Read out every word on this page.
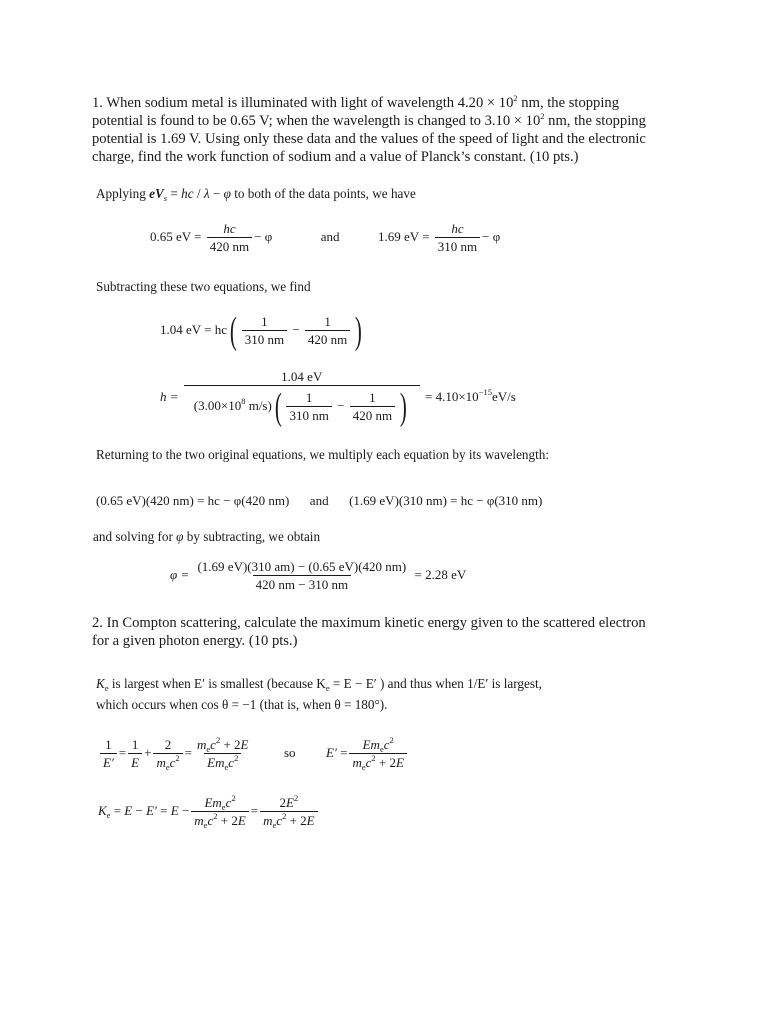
1. When sodium metal is illuminated with light of wavelength $4.20 \times 10^2$ nm, the stopping
potential is found to be 0.65 V; when the wavelength is changed to $3.10 \times 10^2$ nm, the stopping
potential is 1.69 V. Using only these data and the values of the speed of light and the electronic
charge, find the work function of sodium and a value of Planck’s constant. (10 pts.)
Applying $eV_s$ = hc / λ − φ to both of the data points, we have
0.65 eV = $\frac{hc}{420 nm} - \varphi$	and	1.69 eV = $\frac{hc}{310 nm} - \varphi$
Subtracting these two equations, we find
1.04 eV = $hc( \frac{1}{310 nm} - \frac{1}{420 nm}$ )
$h = \frac{1.04 eV}{(3.00\times 10^8 m/s)( \frac{1}{310 nm} - \frac{1}{420 nm} )} = 4.10\times 10^{-15}eV/s$
Returning to the two original equations, we multiply each equation by its wavelength:
(0.65 eV)(420 nm) = hc − φ(420 nm) and (1.69 eV)(310 nm) = hc − φ(310 nm)
and solving for φ by subtracting, we obtain
$\varphi = \frac{(1.69 eV)(310 am) - (0.65 eV)(420 nm)}{420 nm - 310 nm} = 2.28$ eV
2. In Compton scattering, calculate the maximum kinetic energy given to the scattered electron
for a given photon energy. (10 pts.)
$K_e$ is largest when E′ is smallest (because $K_e = E - E'$ ) and thus when 1/E′ is largest,
which occurs when cos θ = −1 (that is, when θ = 180°).
$\frac{1}{E'} = \frac{1}{E} + \frac{2}{m_ec^2} = \frac{m_ec^2 + 2E}{Em_ec^2}$	so $E' = \frac{Em_ec^2}{m_ec^2 + 2E}$
$K_e = E - E' = E - \frac{Em_ec^2}{m_ec^2 + 2E} = \frac{2E^2}{m_ec^2 + 2E}$
